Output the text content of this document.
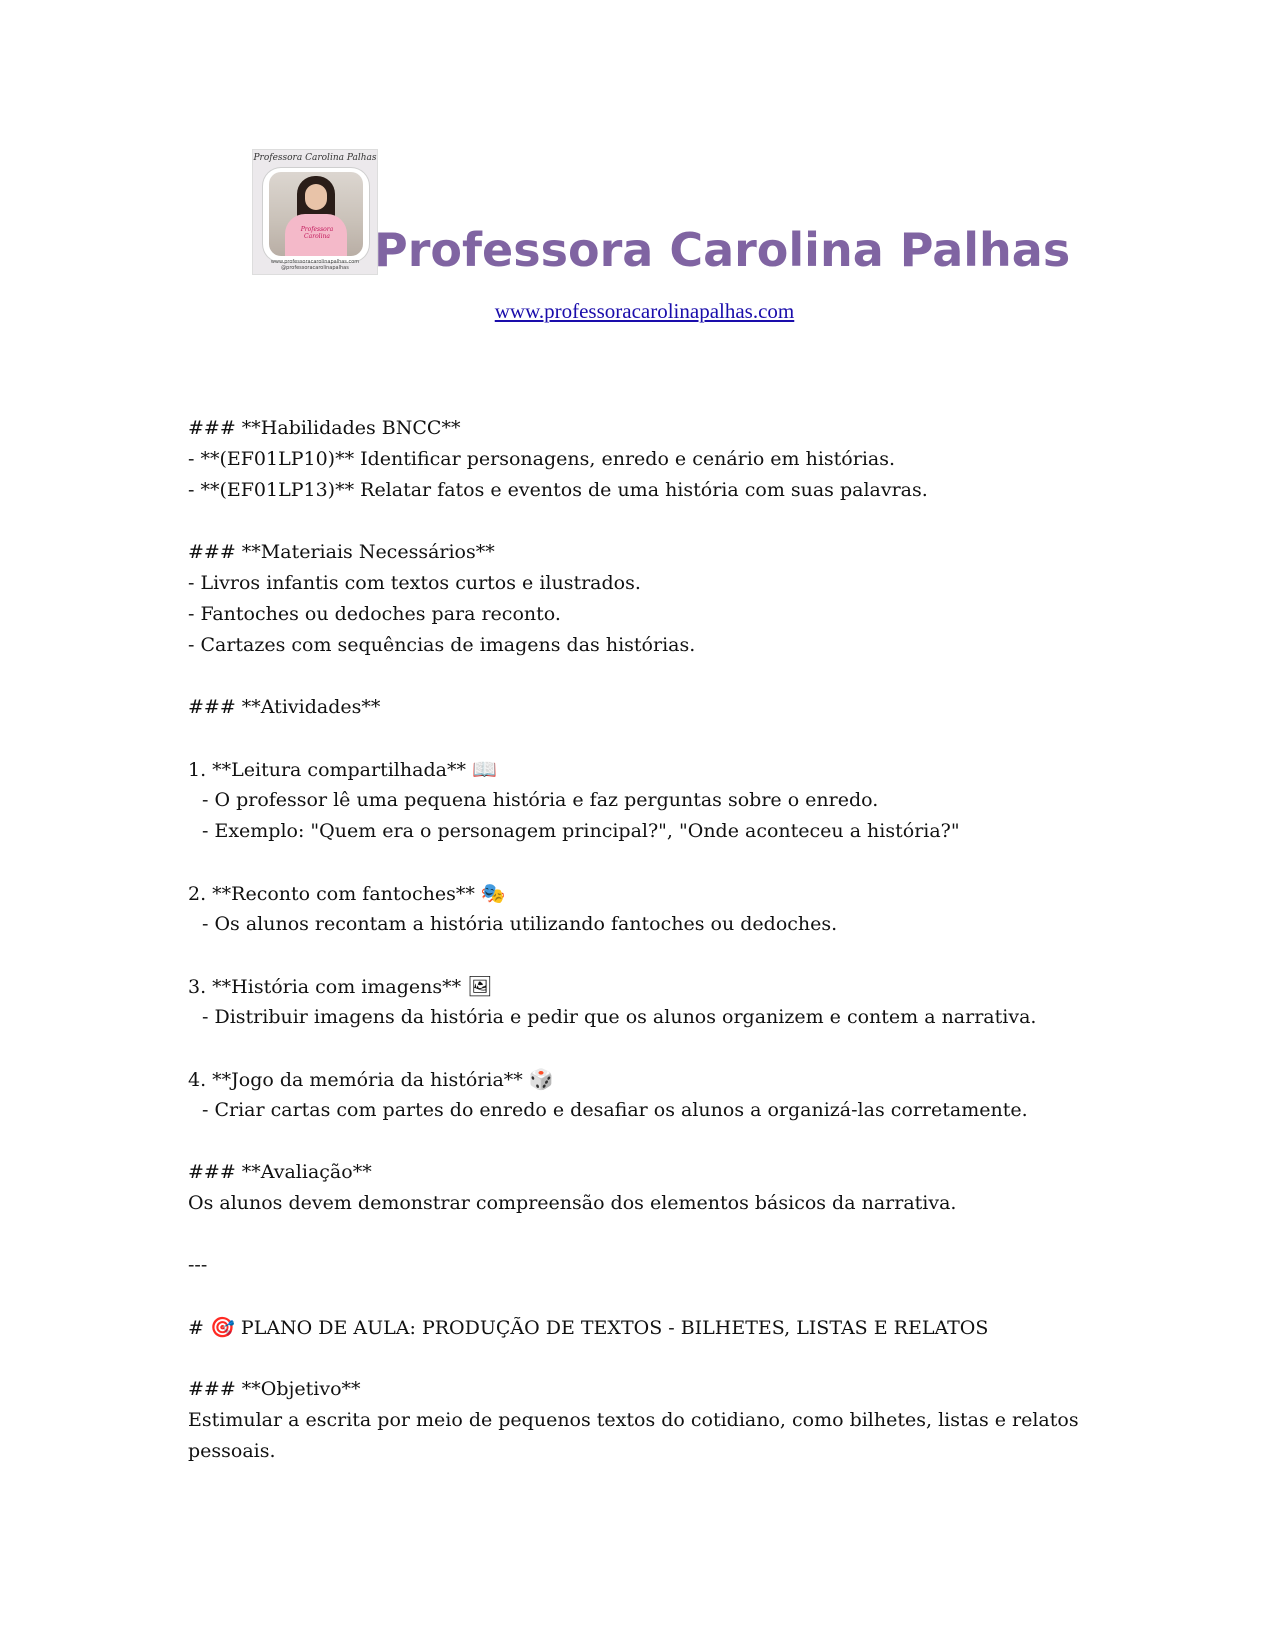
Professora Carolina Palhas
Professora Carolina
www.professoracarolinapalhas.com
@professoracarolinapalhas Professora Carolina Palhas
www.professoracarolinapalhas.com
### **Habilidades BNCC**
- **(EF01LP10)** Identificar personagens, enredo e cenário em histórias.
- **(EF01LP13)** Relatar fatos e eventos de uma história com suas palavras.
### **Materiais Necessários**
- Livros infantis com textos curtos e ilustrados.
- Fantoches ou dedoches para reconto.
- Cartazes com sequências de imagens das histórias.
### **Atividades**
1. **Leitura compartilhada** 📖
- O professor lê uma pequena história e faz perguntas sobre o enredo.
- Exemplo: "Quem era o personagem principal?", "Onde aconteceu a história?"
2. **Reconto com fantoches** 🎭
- Os alunos recontam a história utilizando fantoches ou dedoches.
3. **História com imagens** 🖼
- Distribuir imagens da história e pedir que os alunos organizem e contem a narrativa.
4. **Jogo da memória da história** 🎲
- Criar cartas com partes do enredo e desafiar os alunos a organizá-las corretamente.
### **Avaliação**
Os alunos devem demonstrar compreensão dos elementos básicos da narrativa.
---
# 🎯 PLANO DE AULA: PRODUÇÃO DE TEXTOS - BILHETES, LISTAS E RELATOS
### **Objetivo**
Estimular a escrita por meio de pequenos textos do cotidiano, como bilhetes, listas e relatos pessoais.
